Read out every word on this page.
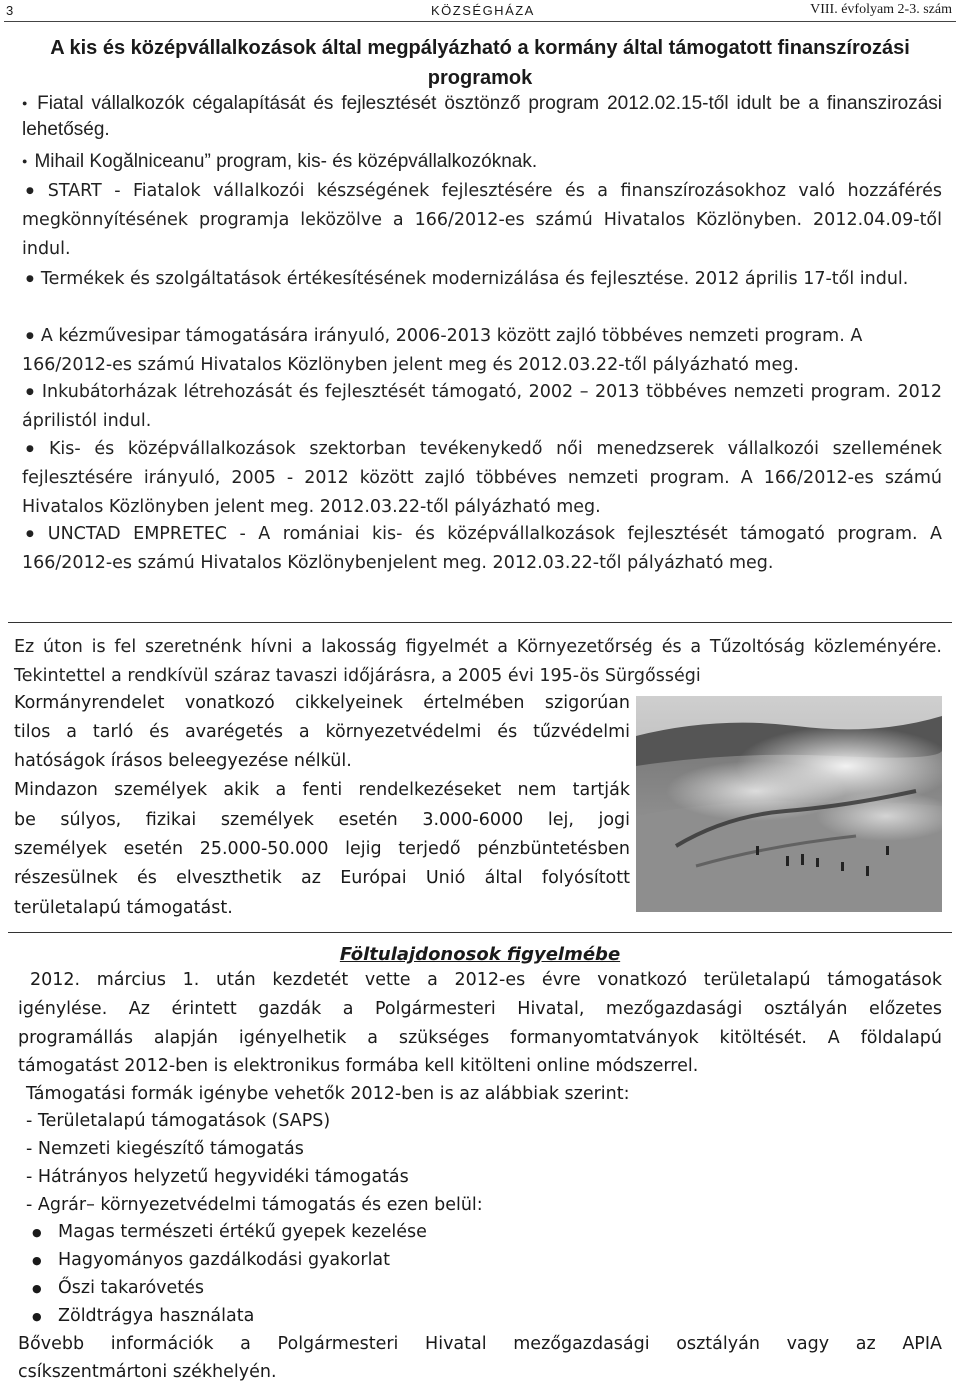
3	KÖZSÉGHÁZA	VIII. évfolyam 2-3. szám
A kis és középvállalkozások által megpályázható a kormány által támogatott finanszírozási programok
● Fiatal vállalkozók cégalapítását és fejlesztését ösztönző program 2012.02.15-től idult be a finanszirozási lehetőség.
● Mihail Kogălniceanu” program, kis- és középvállalkozóknak.
● START - Fiatalok vállalkozói készségének fejlesztésére és a finanszírozásokhoz való hozzáférés megkönnyítésének programja leközölve a 166/2012-es számú Hivatalos Közlönyben. 2012.04.09-től indul.
● Termékek és szolgáltatások értékesítésének modernizálása és fejlesztése. 2012 április 17-től indul.
● A kézművesipar támogatására irányuló, 2006-2013 között zajló többéves nemzeti program. A 166/2012-es számú Hivatalos Közlönyben jelent meg és 2012.03.22-től pályázható meg.
● Inkubátorházak létrehozását és fejlesztését támogató, 2002 – 2013 többéves nemzeti program. 2012 áprilistól indul.
● Kis- és középvállalkozások szektorban tevékenykedő női menedzserek vállalkozói szellemének fejlesztésére irányuló, 2005 - 2012 között zajló többéves nemzeti program. A 166/2012-es számú Hivatalos Közlönyben jelent meg. 2012.03.22-től pályázható meg.
● UNCTAD EMPRETEC - A romániai kis- és középvállalkozások fejlesztését támogató program. A 166/2012-es számú Hivatalos Közlönybenjelent meg. 2012.03.22-től pályázható meg.
Ez úton is fel szeretnénk hívni a lakosság figyelmét a Környezetőrség és a Tűzoltóság közleményére. Tekintettel a rendkívül száraz tavaszi időjárásra, a 2005 évi 195-ös Sürgősségi
Kormányrendelet vonatkozó cikkelyeinek értelmében szigorúan
tilos a tarló és avarégetés a környezetvédelmi és tűzvédelmi
hatóságok írásos beleegyezése nélkül.
Mindazon személyek akik a fenti rendelkezéseket nem tartják
be súlyos, fizikai személyek esetén 3.000-6000 lej, jogi
személyek esetén 25.000-50.000 lejig terjedő pénzbüntetésben
részesülnek és elveszthetik az Európai Unió által folyósított
területalapú támogatást.
Föltulajdonosok figyelmébe
2012. március 1. után kezdetét vette a 2012-es évre vonatkozó területalapú támogatások
igénylése. Az érintett gazdák a Polgármesteri Hivatal, mezőgazdasági osztályán előzetes
programállás alapján igényelhetik a szükséges formanyomtatványok kitöltését. A földalapú
támogatást 2012-ben is elektronikus formába kell kitölteni online módszerrel.
Támogatási formák igénybe vehetők 2012-ben is az alábbiak szerint:
- Területalapú támogatások (SAPS)
- Nemzeti kiegészítő támogatás
- Hátrányos helyzetű hegyvidéki támogatás
- Agrár– környezetvédelmi támogatás és ezen belül:
● Magas természeti értékű gyepek kezelése
● Hagyományos gazdálkodási gyakorlat
● Őszi takaróvetés
● Zöldtrágya használata
Bővebb információk a Polgármesteri Hivatal mezőgazdasági osztályán vagy az APIA
csíkszentmártoni székhelyén.
